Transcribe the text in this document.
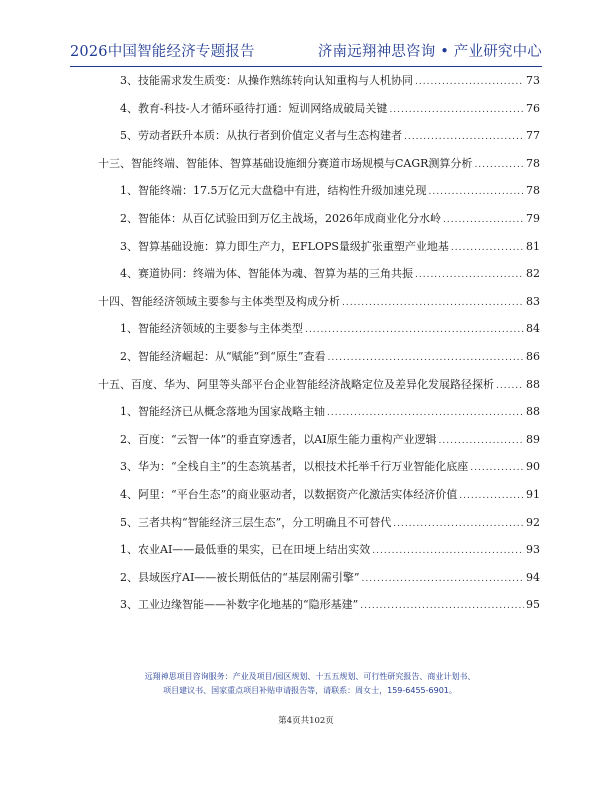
2026中国智能经济专题报告	济南远翔神思咨询 • 产业研究中心
3、技能需求发生质变：从操作熟练转向认知重构与人机协同 .....	73
4、教育-科技-人才循环亟待打通：短训网络成破局关键 .....	76
5、劳动者跃升本质：从执行者到价值定义者与生态构建者 .....	77
十三、智能终端、智能体、智算基础设施细分赛道市场规模与CAGR测算分析 .....	78
1、智能终端：17.5万亿元大盘稳中有进，结构性升级加速兑现 .....	78
2、智能体：从百亿试验田到万亿主战场，2026年成商业化分水岭 .....	79
3、智算基础设施：算力即生产力，EFLOPS量级扩张重塑产业地基 .....	81
4、赛道协同：终端为体、智能体为魂、智算为基的三角共振 .....	82
十四、智能经济领域主要参与主体类型及构成分析 .....	83
1、智能经济领域的主要参与主体类型 .....	84
2、智能经济崛起：从“赋能”到“原生”查看 .....	86
十五、百度、华为、阿里等头部平台企业智能经济战略定位及差异化发展路径探析 .....	88
1、智能经济已从概念落地为国家战略主轴 .....	88
2、百度：“云智一体”的垂直穿透者，以AI原生能力重构产业逻辑 .....	89
3、华为：“全栈自主”的生态筑基者，以根技术托举千行万业智能化底座 .....	90
4、阿里：“平台生态”的商业驱动者，以数据资产化激活实体经济价值 .....	91
5、三者共构“智能经济三层生态”，分工明确且不可替代 .....	92
1、农业AI——最低垂的果实，已在田埂上结出实效 .....	93
2、县域医疗AI——被长期低估的“基层刚需引擎” .....	94
3、工业边缘智能——补数字化地基的“隐形基建” .....	95
远翔神思项目咨询服务：产业及项目/园区规划、十五五规划、可行性研究报告、商业计划书、
项目建议书、国家重点项目补贴申请报告等，请联系：周女士，159-6455-6901。
第4页共102页
